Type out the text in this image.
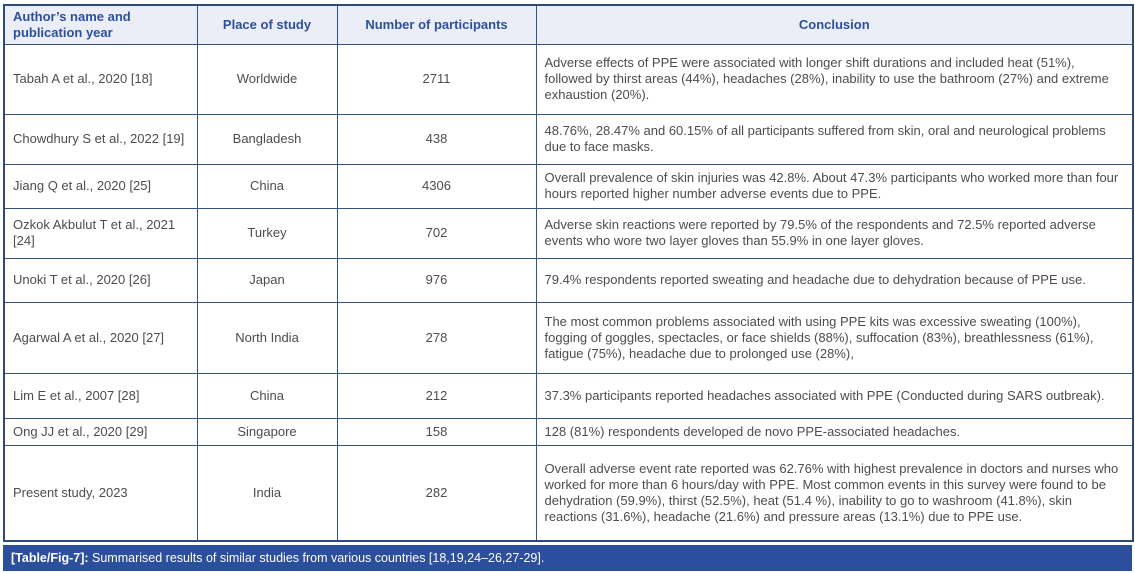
Author’s name and publication year	Place of study	Number of participants	Conclusion
Tabah A et al., 2020 [18]	Worldwide	2711	Adverse effects of PPE were associated with longer shift durations and included heat (51%), followed by thirst areas (44%), headaches (28%), inability to use the bathroom (27%) and extreme exhaustion (20%).
Chowdhury S et al., 2022 [19]	Bangladesh	438	48.76%, 28.47% and 60.15% of all participants suffered from skin, oral and neurological problems due to face masks.
Jiang Q et al., 2020 [25]	China	4306	Overall prevalence of skin injuries was 42.8%. About 47.3% participants who worked more than four hours reported higher number adverse events due to PPE.
Ozkok Akbulut T et al., 2021 [24]	Turkey	702	Adverse skin reactions were reported by 79.5% of the respondents and 72.5% reported adverse events who wore two layer gloves than 55.9% in one layer gloves.
Unoki T et al., 2020 [26]	Japan	976	79.4% respondents reported sweating and headache due to dehydration because of PPE use.
Agarwal A et al., 2020 [27]	North India	278	The most common problems associated with using PPE kits was excessive sweating (100%), fogging of goggles, spectacles, or face shields (88%), suffocation (83%), breathlessness (61%), fatigue (75%), headache due to prolonged use (28%),
Lim E et al., 2007 [28]	China	212	37.3% participants reported headaches associated with PPE (Conducted during SARS outbreak).
Ong JJ et al., 2020 [29]	Singapore	158	128 (81%) respondents developed de novo PPE-associated headaches.
Present study, 2023	India	282	Overall adverse event rate reported was 62.76% with highest prevalence in doctors and nurses who worked for more than 6 hours/day with PPE. Most common events in this survey were found to be dehydration (59.9%), thirst (52.5%), heat (51.4 %), inability to go to washroom (41.8%), skin reactions (31.6%), headache (21.6%) and pressure areas (13.1%) due to PPE use.
[Table/Fig-7]: Summarised results of similar studies from various countries [18,19,24–26,27-29].
